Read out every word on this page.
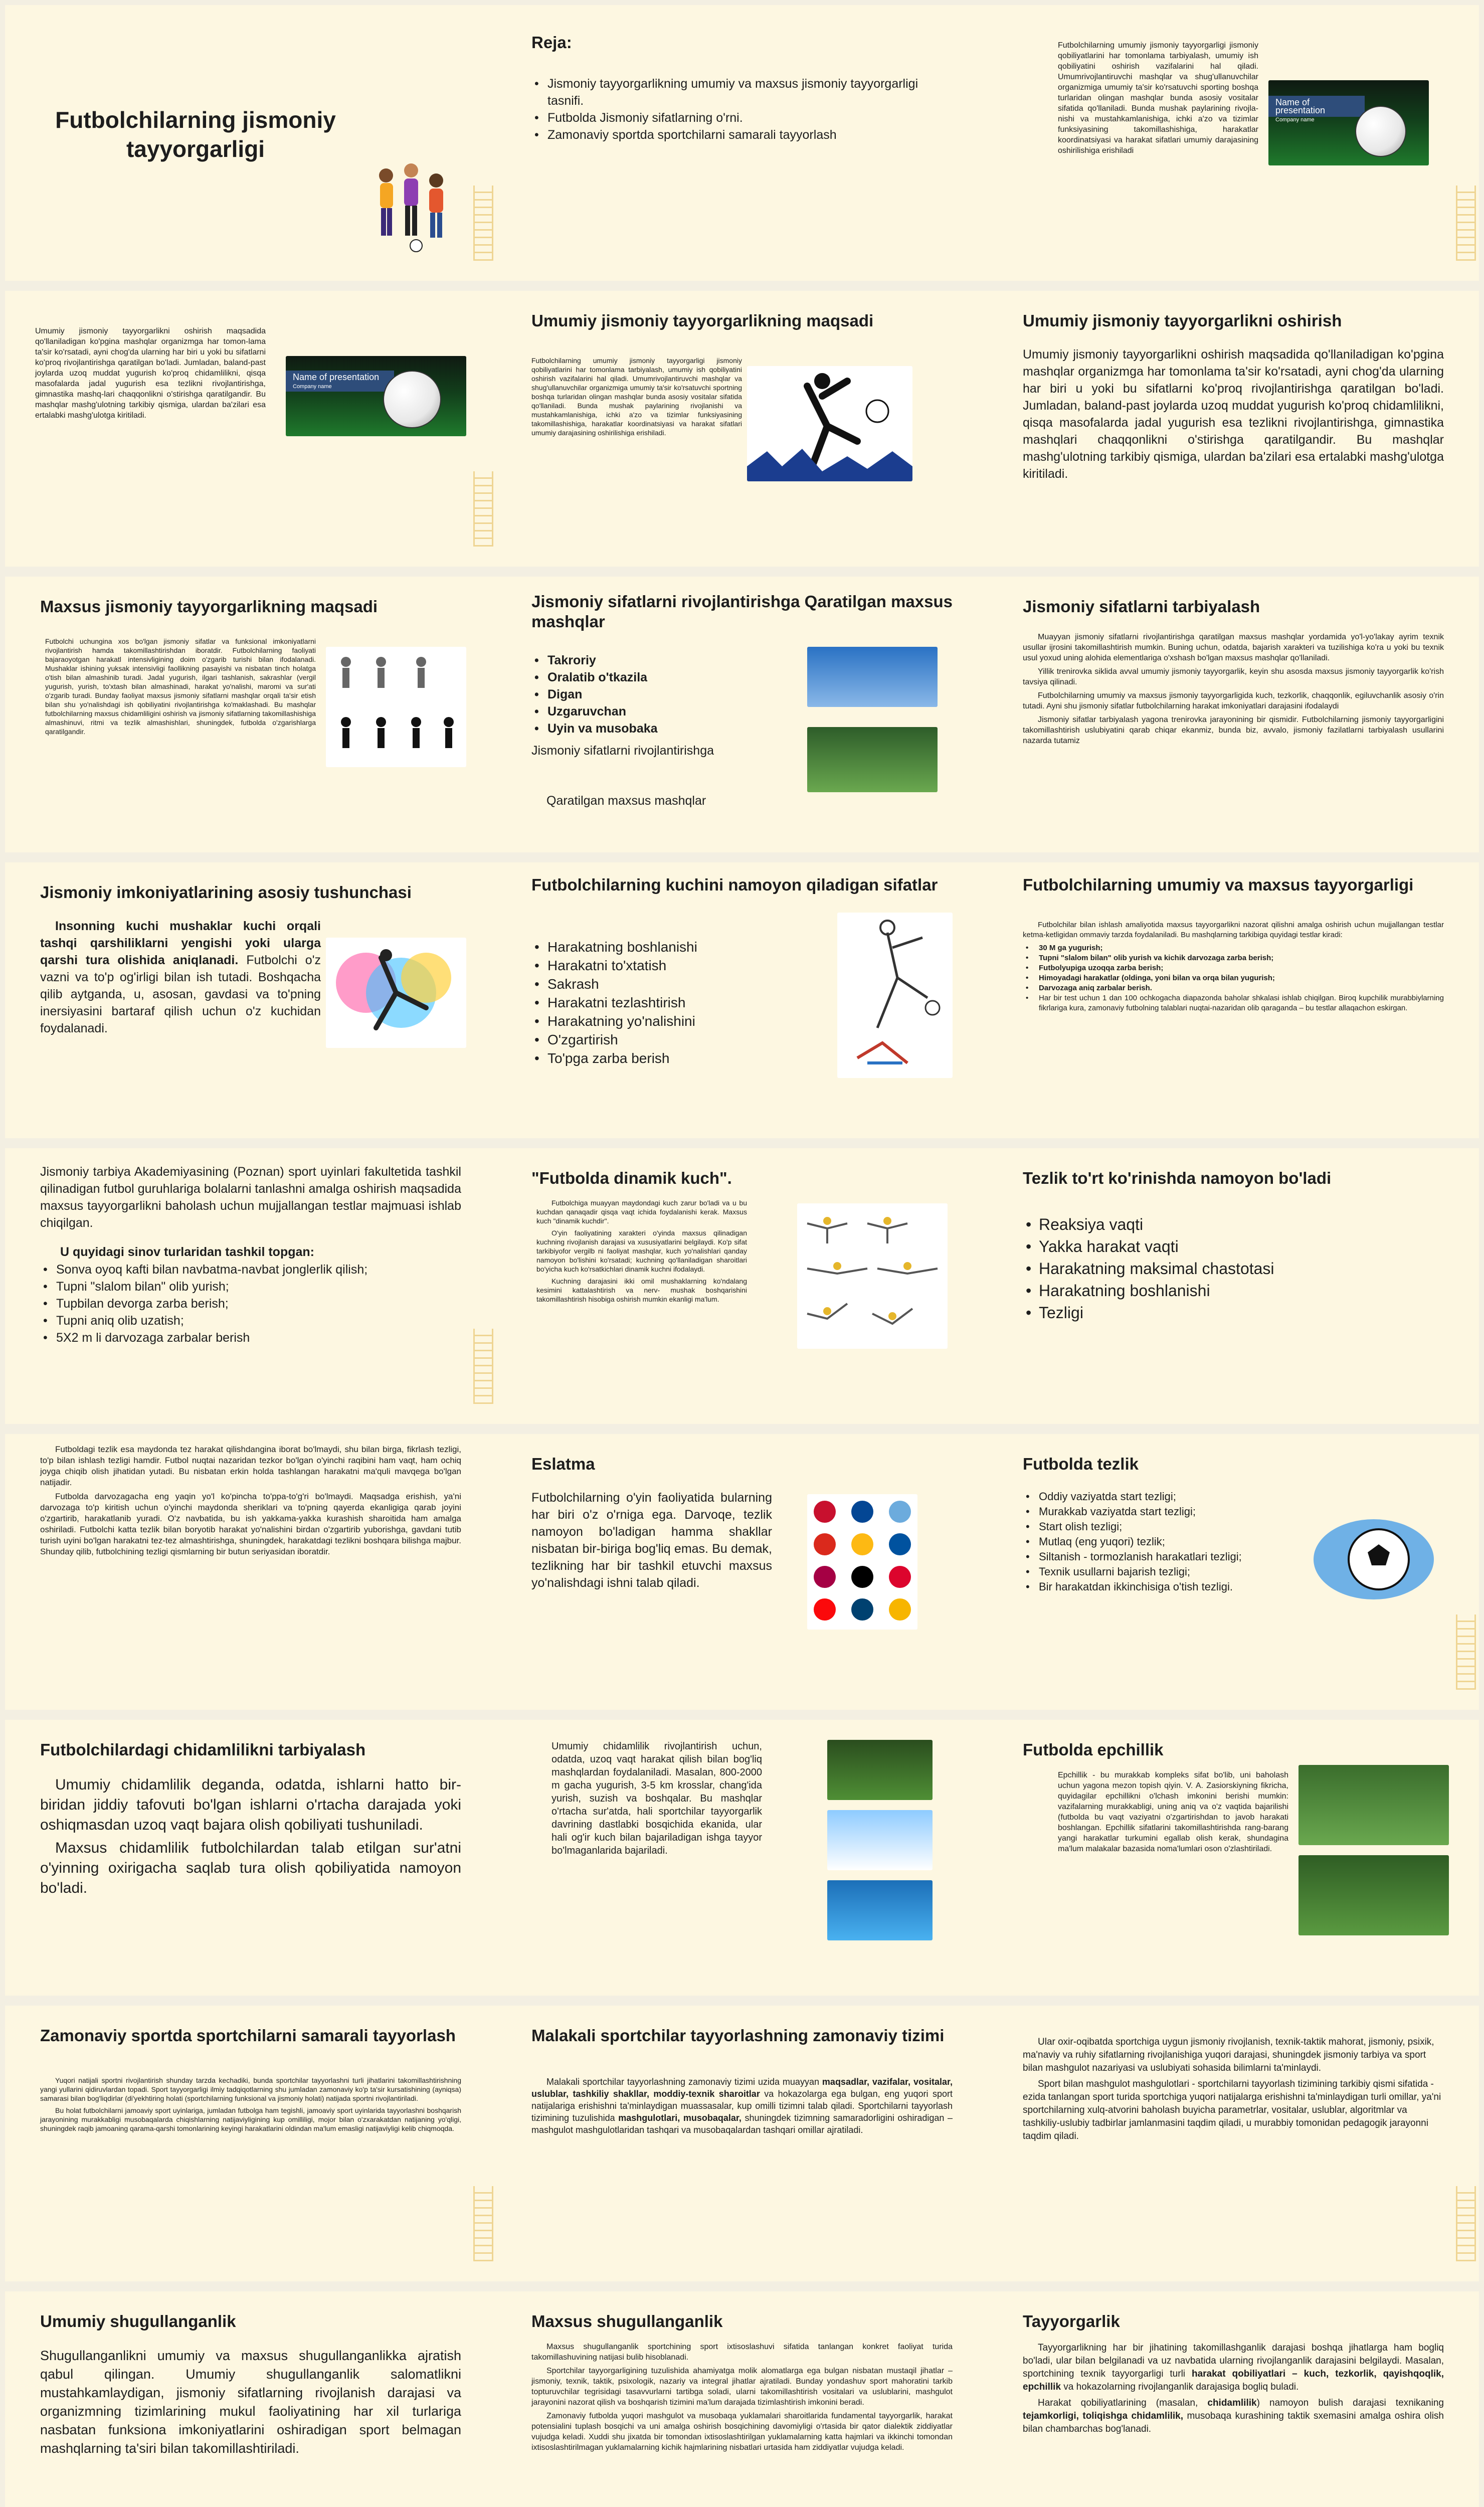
Futbolchilarning jismoniy tayyorgarligi
Reja:
• Jismoniy tayyorgarlikning umumiy va maxsus jismoniy tayyorgarligi tasnifi.
• Futbolda Jismoniy sifatlarning o'rni.
• Zamonaviy sportda sportchilarni samarali tayyorlash
Futbolchilarning umumiy jismoniy tayyorgarligi jismoniy qobiliyatlarini har tomonlama tarbiyalash, umumiy ish qobiliyatini oshirish vazifalarini hal qiladi. Umumrivojlantiruvchi mashqlar va shug'ullanuvchilar organizmiga umumiy ta'sir ko'rsatuvchi sporting boshqa turlaridan olingan mashqlar bunda asosiy vositalar sifatida qo'llaniladi. Bunda mushak paylarining rivojla-nishi va mustahkamlanishiga, ichki a'zo va tizimlar funksiyasining takomillashishiga, harakatlar koordinatsiyasi va harakat sifatlari umumiy darajasining oshirilishiga erishiladi
Name of presentation
Company name
Umumiy jismoniy tayyorgarlikni oshirish maqsadida qo'llaniladigan ko'pgina mashqlar organizmga har tomon-lama ta'sir ko'rsatadi, ayni chog'da ularning har biri u yoki bu sifatlarni ko'proq rivojlantirishga qaratilgan bo'ladi. Jumladan, baland-past joylarda uzoq muddat yugurish ko'proq chidamlilikni, qisqa masofalarda jadal yugurish esa tezlikni rivojlantirishga, gimnastika mashq-lari chaqqonlikni o'stirishga qaratilgandir. Bu mashqlar mashg'ulotning tarkibiy qismiga, ulardan ba'zilari esa ertalabki mashg'ulotga kiritiladi.
Name of presentation
Company name
Umumiy jismoniy tayyorgarlikning maqsadi
Futbolchilarning umumiy jismoniy tayyorgarligi jismoniy qobiliyatlarini har tomonlama tarbiyalash, umumiy ish qobiliyatini oshirish vazifalarini hal qiladi. Umumrivojlantiruvchi mashqlar va shug'ullanuvchilar organizmiga umumiy ta'sir ko'rsatuvchi sportning boshqa turlaridan olingan mashqlar bunda asosiy vositalar sifatida qo'llaniladi. Bunda mushak paylarining rivojlanishi va mustahkamlanishiga, ichki a'zo va tizimlar funksiyasining takomillashishiga, harakatlar koordinatsiyasi va harakat sifatlari umumiy darajasining oshirilishiga erishiladi.
Umumiy jismoniy tayyorgarlikni oshirish
Umumiy jismoniy tayyorgarlikni oshirish maqsadida qo'llaniladigan ko'pgina mashqlar organizmga har tomonlama ta'sir ko'rsatadi, ayni chog'da ularning har biri u yoki bu sifatlarni ko'proq rivojlantirishga qaratilgan bo'ladi. Jumladan, baland-past joylarda uzoq muddat yugurish ko'proq chidamlilikni, qisqa masofalarda jadal yugurish esa tezlikni rivojlantirishga, gimnastika mashqlari chaqqonlikni o'stirishga qaratilgandir. Bu mashqlar mashg'ulotning tarkibiy qismiga, ulardan ba'zilari esa ertalabki mashg'ulotga kiritiladi.
Maxsus jismoniy tayyorgarlikning maqsadi
Futbolchi uchungina xos bo'lgan jismoniy sifatlar va funksional imkoniyatlarni rivojlantirish hamda takomillashtirishdan iboratdir. Futbolchilarning faoliyati bajaraoyotgan harakatl intensivligining doim o'zgarib turishi bilan ifodalanadi. Mushaklar ishining yuksak intensivligi faollikning pasayishi va nisbatan tinch holatga o'tish bilan almashinib turadi. Jadal yugurish, ilgari tashlanish, sakrashlar (vergil yugurish, yurish, to'xtash bilan almashinadi, harakat yo'nalishi, maromi va sur'ati o'zgarib turadi. Bunday faoliyat maxsus jismoniy sifatlarni mashqlar orqali ta'sir etish bilan shu yo'nalishdagi ish qobiliyatini rivojlantirishga ko'maklashadi. Bu mashqlar futbolchilarning maxsus chidamliligini oshirish va jismoniy sifatlarning takomillashishiga almashinuvi, ritmi va tezlik almashishlari, shuningdek, futbolda o'zgarishlarga qaratilgandir.
Jismoniy sifatlarni rivojlantirishga Qaratilgan maxsus mashqlar
• Takroriy
• Oralatib o'tkazila
• Digan
• Uzgaruvchan
• Uyin va musobaka
Jismoniy sifatlarni rivojlantirishga
Qaratilgan maxsus mashqlar
Jismoniy sifatlarni tarbiyalash

Muayyan jismoniy sifatlarni rivojlantirishga qaratilgan maxsus mashqlar yordamida yo'l-yo'lakay ayrim texnik usullar ijrosini takomillashtirish mumkin. Buning uchun, odatda, bajarish xarakteri va tuzilishiga ko'ra u yoki bu texnik usul yoxud uning alohida elementlariga o'xshash bo'lgan maxsus mashqlar qo'llaniladi.

Yillik trenirovka siklida avval umumiy jismoniy tayyorgarlik, keyin shu asosda maxsus jismoniy tayyorgarlik ko'rish tavsiya qilinadi.

Futbolchilarning umumiy va maxsus jismoniy tayyorgarligida kuch, tezkorlik, chaqqonlik, egiluvchanlik asosiy o'rin tutadi. Ayni shu jismoniy sifatlar futbolchilarning harakat imkoniyatlari darajasini ifodalaydi

Jismoniy sifatlar tarbiyalash yagona trenirovka jarayonining bir qismidir. Futbolchilarning jismoniy tayyorgarligini takomillashtirish uslubiyatini qarab chiqar ekanmiz, bunda biz, avvalo, jismoniy fazilatlarni tarbiyalash usullarini nazarda tutamiz

Jismoniy imkoniyatlarining asosiy tushunchasi

Insonning kuchi mushaklar kuchi orqali tashqi qarshiliklarni yengishi yoki ularga qarshi tura olishida aniqlanadi. Futbolchi o'z vazni va to'p og'irligi bilan ish tutadi. Boshqacha qilib aytganda, u, asosan, gavdasi va to'pning inersiyasini bartaraf qilish uchun o'z kuchidan foydalanadi.

Futbolchilarning kuchini namoyon qiladigan sifatlar
• Harakatning boshlanishi
• Harakatni to'xtatish
• Sakrash
• Harakatni tezlashtirish
• Harakatning yo'nalishini
• O'zgartirish
• To'pga zarba berish
Futbolchilarning umumiy va maxsus tayyorgarligi

Futbolchilar bilan ishlash amaliyotida maxsus tayyorgarlikni nazorat qilishni amalga oshirish uchun mujjallangan testlar ketma-ketligidan ommaviy tarzda foydalaniladi. Bu mashqlarning tarkibiga quyidagi testlar kiradi:

• 30 M ga yugurish;
• Tupni "slalom bilan" olib yurish va kichik darvozaga zarba berish;
• Futbolyupiga uzoqqa zarba berish;
• Himoyadagi harakatlar (oldinga, yoni bilan va orqa bilan yugurish;
• Darvozaga aniq zarbalar berish.
• Har bir test uchun 1 dan 100 ochkogacha diapazonda baholar shkalasi ishlab chiqilgan. Biroq kupchilik murabbiylarning fikrlariga kura, zamonaviy futbolning talablari nuqtai-nazaridan olib qaraganda – bu testlar allaqachon eskirgan.
Jismoniy tarbiya Akademiyasining (Poznan) sport uyinlari fakultetida tashkil qilinadigan futbol guruhlariga bolalarni tanlashni amalga oshirish maqsadida maxsus tayyorgarlikni baholash uchun mujjallangan testlar majmuasi ishlab chiqilgan.
U quyidagi sinov turlaridan tashkil topgan:
• Sonva oyoq kafti bilan navbatma-navbat jonglerlik qilish;
• Tupni "slalom bilan" olib yurish;
• Tupbilan devorga zarba berish;
• Tupni aniq olib uzatish;
• 5X2 m li darvozaga zarbalar berish
"Futbolda dinamik kuch".

Futbolchiga muayyan maydondagi kuch zarur bo'ladi va u bu kuchdan qanaqadir qisqa vaqt ichida foydalanishi kerak. Maxsus kuch "dinamik kuchdir".

O'yin faoliyatining xarakteri o'yinda maxsus qilinadigan kuchning rivojlanish darajasi va xususiyatlarini belgilaydi. Ko'p sifat tarkibiyofor vergilb ni faoliyat mashqlar, kuch yo'nalishlari qanday namoyon bo'lishini ko'rsatadi; kuchning qo'llaniladigan sharoitlari bo'yicha kuch ko'rsatkichlari dinamik kuchni ifodalaydi.

Kuchning darajasini ikki omil mushaklarning ko'ndalang kesimini kattalashtirish va nerv- mushak boshqarishini takomillashtirish hisobiga oshirish mumkin ekanligi ma'lum.

Tezlik to'rt ko'rinishda namoyon bo'ladi
• Reaksiya vaqti
• Yakka harakat vaqti
• Harakatning maksimal chastotasi
• Harakatning boshlanishi
• Tezligi

Futboldagi tezlik esa maydonda tez harakat qilishdangina iborat bo'lmaydi, shu bilan birga, fikrlash tezligi, to'p bilan ishlash tezligi hamdir. Futbol nuqtai nazaridan tezkor bo'lgan o'yinchi raqibini ham vaqt, ham ochiq joyga chiqib olish jihatidan yutadi. Bu nisbatan erkin holda tashlangan harakatni ma'quli mavqega bo'lgan natijadir.

Futbolda darvozagacha eng yaqin yo'l ko'pincha to'ppa-to'g'ri bo'lmaydi. Maqsadga erishish, ya'ni darvozaga to'p kiritish uchun o'yinchi maydonda sheriklari va to'pning qayerda ekanligiga qarab joyini o'zgartirib, harakatlanib yuradi. O'z navbatida, bu ish yakkama-yakka kurashish sharoitida ham amalga oshiriladi. Futbolchi katta tezlik bilan boryotib harakat yo'nalishini birdan o'zgartirib yuborishga, gavdani tutib turish uyini bo'lgan harakatni tez-tez almashtirishga, shuningdek, harakatdagi tezlikni boshqara bilishga majbur. Shunday qilib, futbolchining tezligi qismlarning bir butun seriyasidan iboratdir.

Eslatma
Futbolchilarning o'yin faoliyatida bularning har biri o'z o'rniga ega. Darvoqe, tezlik namoyon bo'ladigan hamma shakllar nisbatan bir-biriga bog'liq emas. Bu demak, tezlikning har bir tashkil etuvchi maxsus yo'nalishdagi ishni talab qiladi.
Futbolda tezlik
• Oddiy vaziyatda start tezligi;
• Murakkab vaziyatda start tezligi;
• Start olish tezligi;
• Mutlaq (eng yuqori) tezlik;
• Siltanish - tormozlanish harakatlari tezligi;
• Texnik usullarni bajarish tezligi;
• Bir harakatdan ikkinchisiga o'tish tezligi.
Futbolchilardagi chidamlilikni tarbiyalash

Umumiy chidamlilik deganda, odatda, ishlarni hatto bir-biridan jiddiy tafovuti bo'lgan ishlarni o'rtacha darajada yoki oshiqmasdan uzoq vaqt bajara olish qobiliyati tushuniladi.

Maxsus chidamlilik futbolchilardan talab etilgan sur'atni o'yinning oxirigacha saqlab tura olish qobiliyatida namoyon bo'ladi.

Umumiy chidamlilik rivojlantirish uchun, odatda, uzoq vaqt harakat qilish bilan bog'liq mashqlardan foydalaniladi. Masalan, 800-2000 m gacha yugurish, 3-5 km krosslar, chang'ida yurish, suzish va boshqalar. Bu mashqlar o'rtacha sur'atda, hali sportchilar tayyorgarlik davrining dastlabki bosqichida ekanida, ular hali og'ir kuch bilan bajariladigan ishga tayyor bo'lmaganlarida bajariladi.
Futbolda epchillik
Epchillik - bu murakkab kompleks sifat bo'lib, uni baholash uchun yagona mezon topish qiyin. V. A. Zasiorskiyning fikricha, quyidagilar epchillikni o'lchash imkonini berishi mumkin: vazifalarning murakkabligi, uning aniq va o'z vaqtida bajarilishi (futbolda bu vaqt vaziyatni o'zgartirishdan to javob harakati boshlangan. Epchillik sifatlarini takomillashtirishda rang-barang yangi harakatlar turkumini egallab olish kerak, shundagina ma'lum malakalar bazasida noma'lumlari oson o'zlashtiriladi.
Zamonaviy sportda sportchilarni samarali tayyorlash

Yuqori natijali sportni rivojlantirish shunday tarzda kechadiki, bunda sportchilar tayyorlashni turli jihatlarini takomillashtirishning yangi yullarini qidiruvlardan topadi. Sport tayyorgarligi ilmiy tadqiqotlarning shu jumladan zamonaviy ko'p ta'sir kursatishining (ayniqsa) samarasi bilan bog'liqdirlar (di'yekhtiring holati (sportchilarning funksional va jismoniy holati) natijada sportni rivojlantiriladi.

Bu holat futbolchilarni jamoaviy sport uyinlariga, jumladan futbolga ham tegishli, jamoaviy sport uyinlarida tayyorlashni boshqarish jarayonining murakkabligi musobaqalarda chiqishlarning natijaviyligining kup omilliligi, mojor bilan o'zxarakatdan natijaning yo'qligi, shuningdek raqib jamoaning qarama-qarshi tomonlarining keyingi harakatlarini oldindan ma'lum emasligi natijaviyligi kelib chiqmoqda.

Malakali sportchilar tayyorlashning zamonaviy tizimi

Malakali sportchilar tayyorlashning zamonaviy tizimi uzida muayyan maqsadlar, vazifalar, vositalar, uslublar, tashkiliy shakllar, moddiy-texnik sharoitlar va hokazolarga ega bulgan, eng yuqori sport natijalariga erishishni ta'minlaydigan muassasalar, kup omilli tizimni talab qiladi. Sportchilarni tayyorlash tizimining tuzulishida mashgulotlari, musobaqalar, shuningdek tizimning samaradorligini oshiradigan – mashgulot mashgulotlaridan tashqari va musobaqalardan tashqari omillar ajratiladi.

Ular oxir-oqibatda sportchiga uygun jismoniy rivojlanish, texnik-taktik mahorat, jismoniy, psixik, ma'naviy va ruhiy sifatlarning rivojlanishiga yuqori darajasi, shuningdek jismoniy tarbiya va sport bilan mashgulot nazariyasi va uslubiyati sohasida bilimlarni ta'minlaydi.

Sport bilan mashgulot mashgulotlari - sportchilarni tayyorlash tizimining tarkibiy qismi sifatida - ezida tanlangan sport turida sportchiga yuqori natijalarga erishishni ta'minlaydigan turli omillar, ya'ni sportchilarning xulq-atvorini baholash buyicha parametrlar, vositalar, uslublar, algoritmlar va tashkiliy-uslubiy tadbirlar jamlanmasini taqdim qiladi, u murabbiy tomonidan pedagogik jarayonni taqdim qiladi.

Umumiy shugullanganlik
Shugullanganlikni umumiy va maxsus shugullanganlikka ajratish qabul qilingan. Umumiy shugullanganlik salomatlikni mustahkamlaydigan, jismoniy sifatlarning rivojlanish darajasi va organizmning tizimlarining mukul faoliyatining har xil turlariga nasbatan funksiona imkoniyatlarini oshiradigan sport belmagan mashqlarning ta'siri bilan takomillashtiriladi.
Maxsus shugullanganlik

Maxsus shugullanganlik sportchining sport ixtisoslashuvi sifatida tanlangan konkret faoliyat turida takomillashuvining natijasi bulib hisoblanadi.

Sportchilar tayyorgarligining tuzulishida ahamiyatga molik alomatlarga ega bulgan nisbatan mustaqil jihatlar – jismoniy, texnik, taktik, psixologik, nazariy va integral jihatlar ajratiladi. Bunday yondashuv sport mahoratini tarkib topturuvchilar tegrisidagi tasavvurlarni tartibga soladi, ularni takomillashtirish vositalari va uslublarini, mashgulot jarayonini nazorat qilish va boshqarish tizimini ma'lum darajada tizimlashtirish imkonini beradi.

Zamonaviy futbolda yuqori mashgulot va musobaqa yuklamalari sharoitlarida fundamental tayyorgarlik, harakat potensialini tuplash bosqichi va uni amalga oshirish bosqichining davomiyligi o'rtasida bir qator dialektik ziddiyatlar vujudga keladi. Xuddi shu jixatda bir tomondan ixtisoslashtirilgan yuklamalarning katta hajmlari va ikkinchi tomondan ixtisoslashtirilmagan yuklamalarning kichik hajmlarining nisbatlari urtasida ham ziddiyatlar vujudga keladi.

Tayyorgarlik

Tayyorgarlikning har bir jihatining takomillashganlik darajasi boshqa jihatlarga ham bogliq bo'ladi, ular bilan belgilanadi va uz navbatida ularning rivojlanganlik darajasini belgilaydi. Masalan, sportchining texnik tayyorgarligi turli harakat qobiliyatlari – kuch, tezkorlik, qayishqoqlik, epchillik va hokazolarning rivojlanganlik darajasiga bogliq buladi.

Harakat qobiliyatlarining (masalan, chidamlilik) namoyon bulish darajasi texnikaning tejamkorligi, toliqishga chidamlilik, musobaqa kurashining taktik sxemasini amalga oshira olish bilan chambarchas bog'lanadi.
